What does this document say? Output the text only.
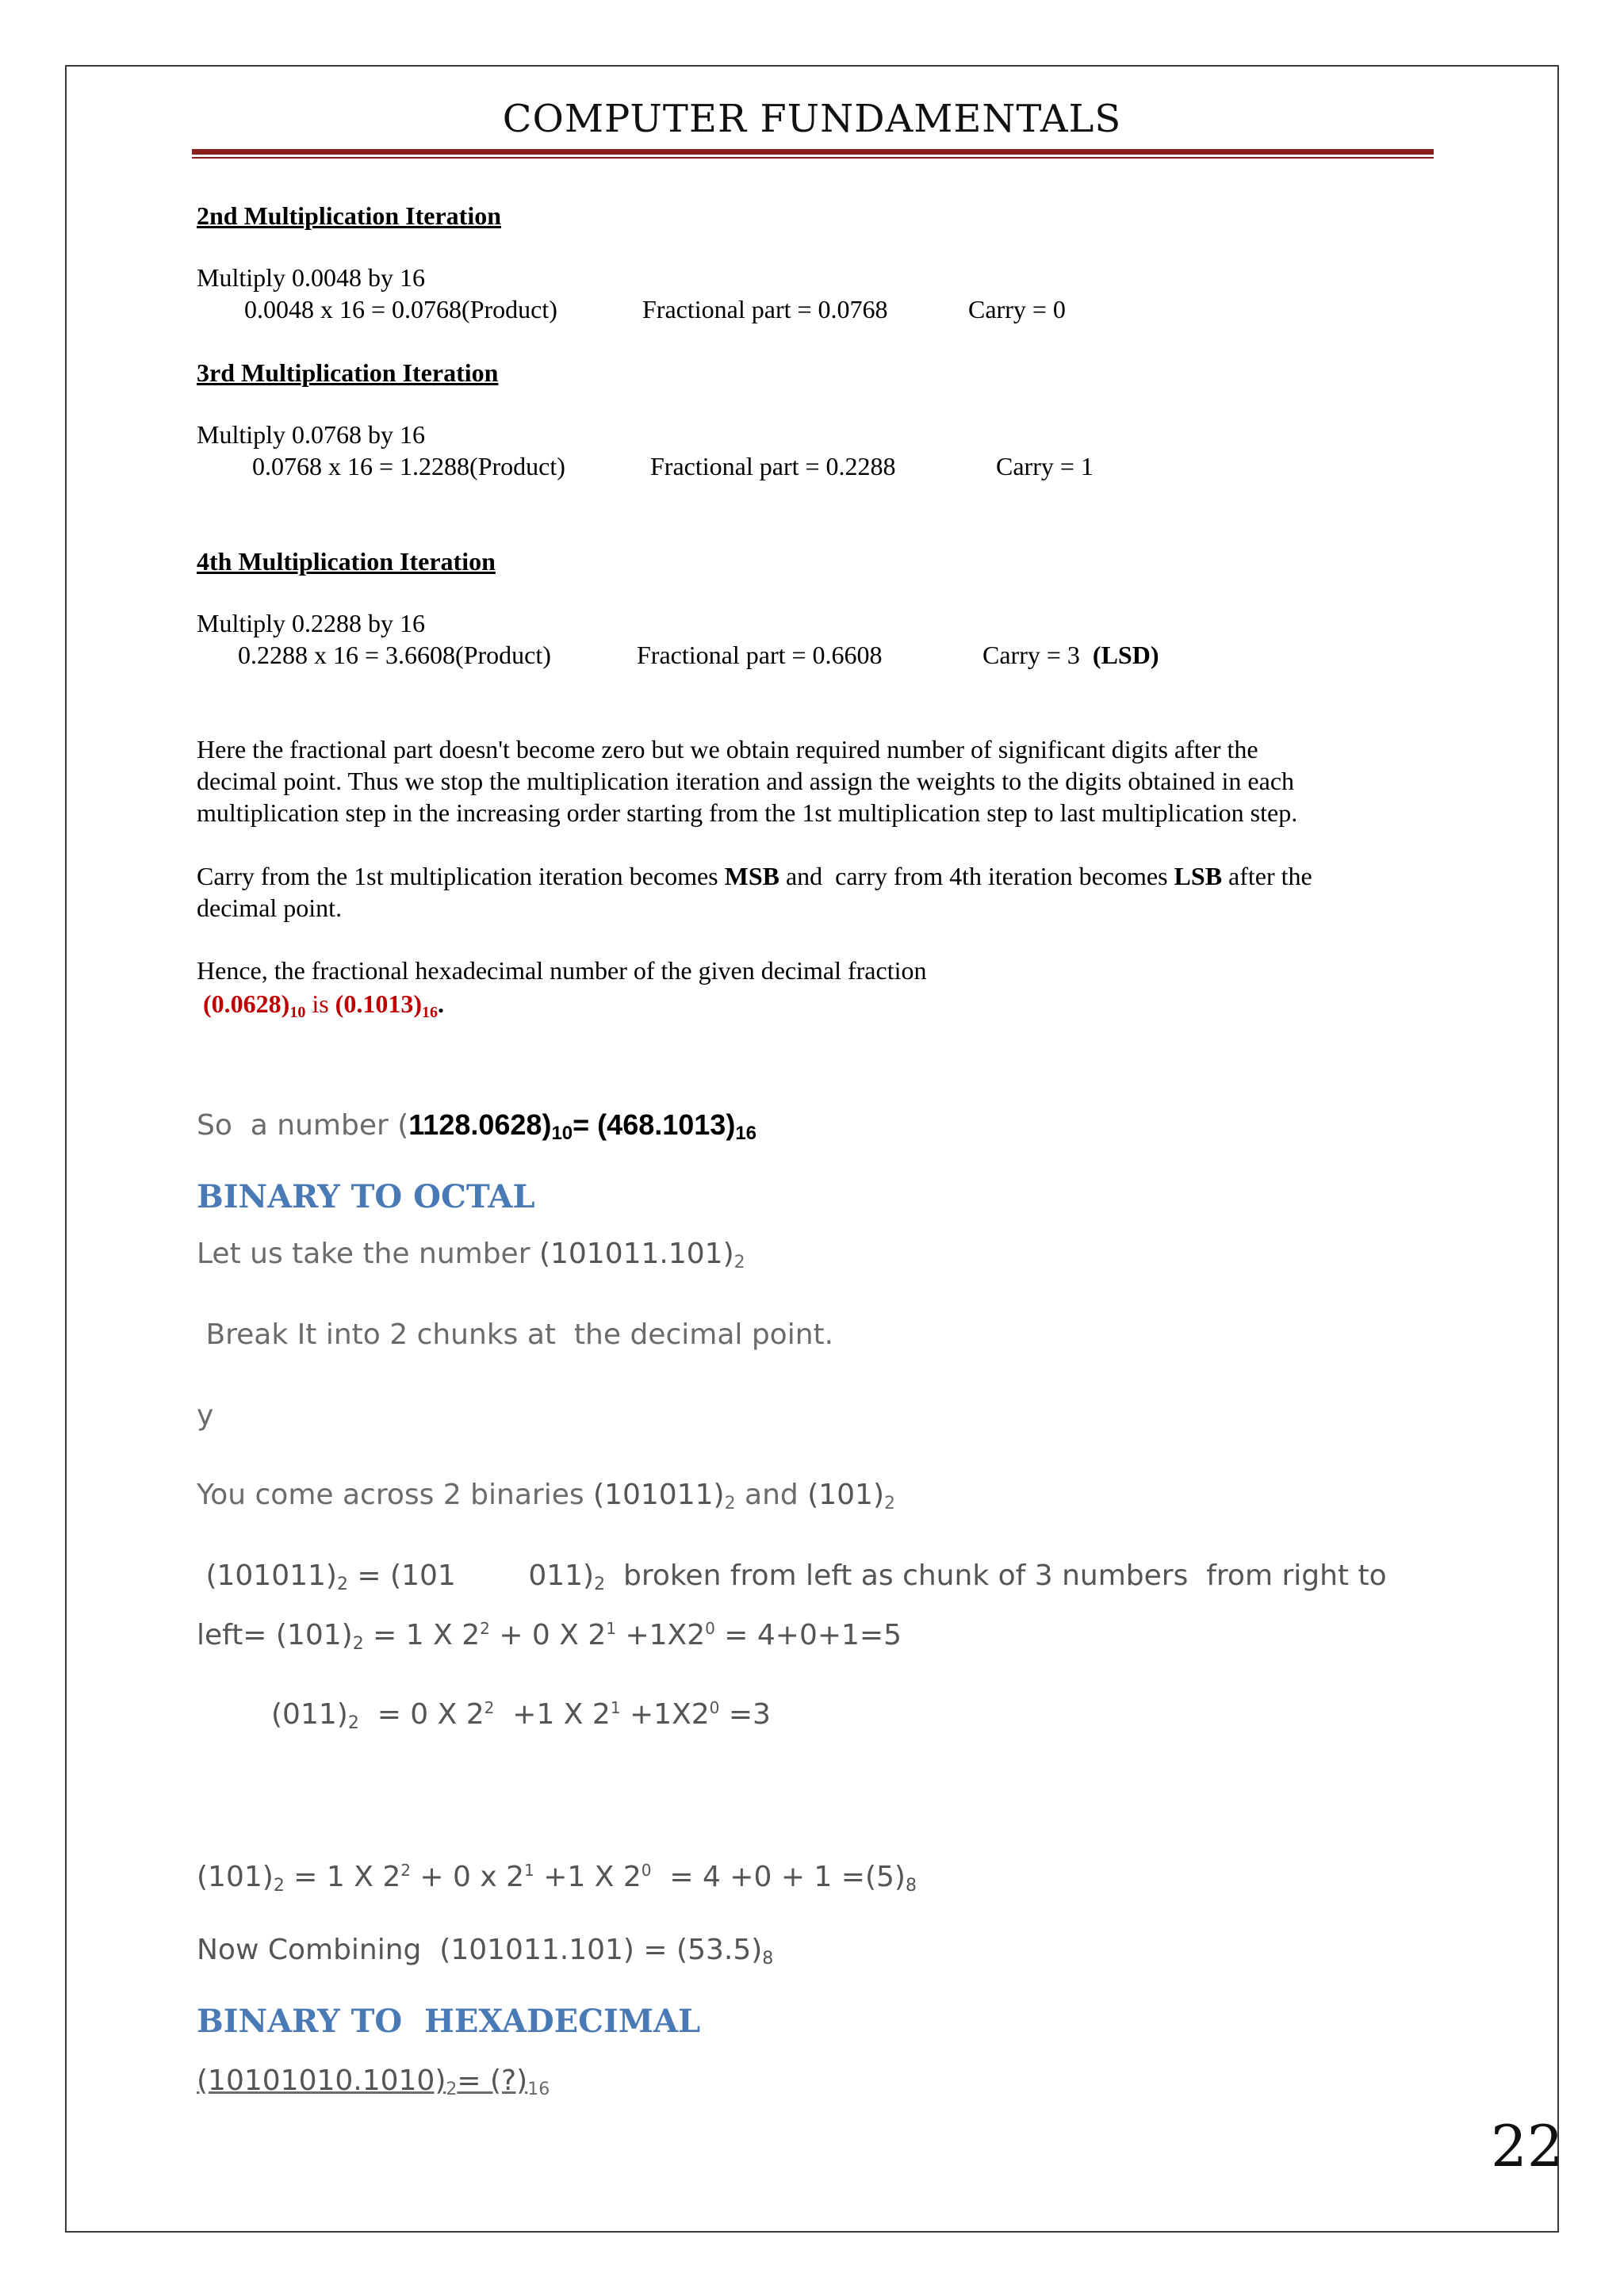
COMPUTER FUNDAMENTALS
2nd Multiplication Iteration
Multiply 0.0048 by 16
0.0048 x 16 = 0.0768(Product)	Fractional part = 0.0768	Carry = 0
3rd Multiplication Iteration
Multiply 0.0768 by 16
0.0768 x 16 = 1.2288(Product)	Fractional part = 0.2288	Carry = 1
4th Multiplication Iteration
Multiply 0.2288 by 16
0.2288 x 16 = 3.6608(Product)	Fractional part = 0.6608	Carry = 3 (LSD)
Here the fractional part doesn't become zero but we obtain required number of significant digits after the
decimal point. Thus we stop the multiplication iteration and assign the weights to the digits obtained in each
multiplication step in the increasing order starting from the 1st multiplication step to last multiplication step.
Carry from the 1st multiplication iteration becomes MSB and  carry from 4th iteration becomes LSB after the
decimal point.
Hence, the fractional hexadecimal number of the given decimal fraction
$(0.0628)_{10}$ is $(0.1013)_{16}$.
So  a number $(1128.0628)_{10}= (468.1013)_{16}$
BINARY TO OCTAL
Let us take the number $(101011.101)_2$
Break It into 2 chunks at  the decimal point.
y
You come across 2 binaries $(101011)_2$ and $(101)_2$
$(101011)_2 = (101$        $011)_2$  broken from left as chunk of 3 numbers  from right to
left= $(101)_2 = 1$ X $2^2 + 0$ X $2^1 +1X2^0 = 4+0+1=5$
$(011)_2 = 0$ X $2^2 +1$ X $2^1 +1X2^0 =3$
$(101)_2 = 1$ X $2^2 + 0$ x $2^1 +1$ X $2^0 = 4 +0 + 1 =(5)_8$
Now Combining  $(101011.101) = (53.5)_8$
BINARY TO  HEXADECIMAL
$(10101010.1010)_2=$ $(?)_{16}$
22
